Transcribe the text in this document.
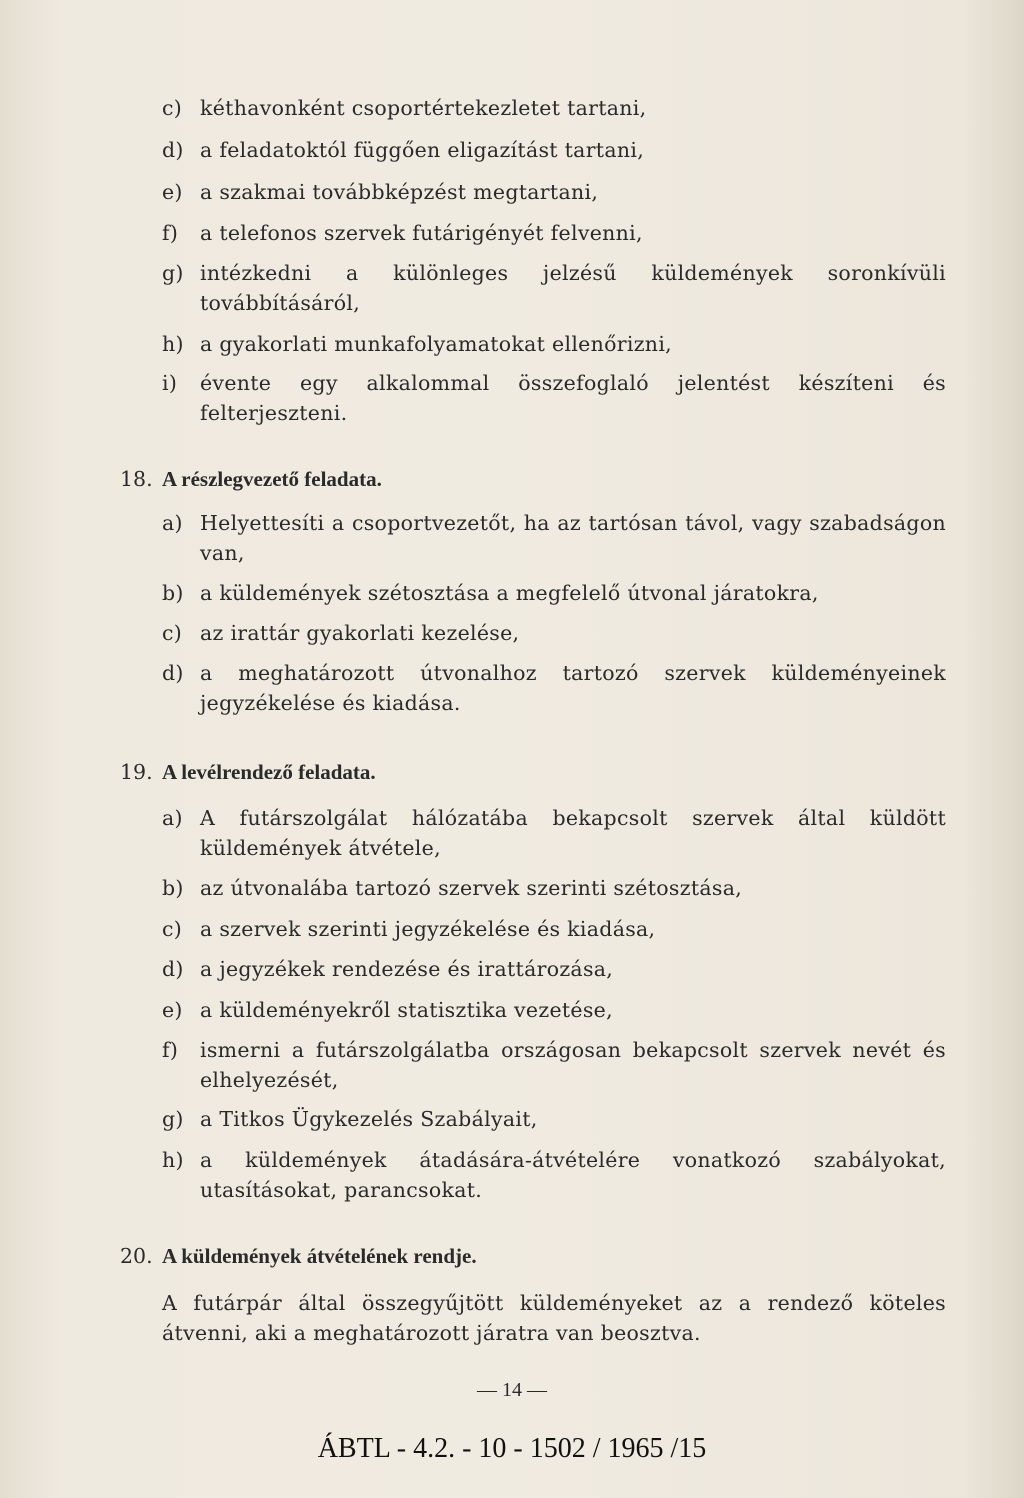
c) kéthavonként csoportértekezletet tartani,
d) a feladatoktól függően eligazítást tartani,
e) a szakmai továbbképzést megtartani,
f)	a telefonos szervek futárigényét felvenni,
g) intézkedni a különleges jelzésű küldemények soronkívüli továbbításáról,
h) a gyakorlati munkafolyamatokat ellenőrizni,
i)	évente egy alkalommal összefoglaló jelentést készíteni és felterjeszteni.
18. A részlegvezető feladata.
a) Helyettesíti a csoportvezetőt, ha az tartósan távol, vagy szabadságon van,
b) a küldemények szétosztása a megfelelő útvonal járatokra,
c) az irattár gyakorlati kezelése,
d) a meghatározott útvonalhoz tartozó szervek küldeményeinek jegyzékelése és kiadása.
19. A levélrendező feladata.
a) A futárszolgálat hálózatába bekapcsolt szervek által küldött küldemények átvétele,
b) az útvonalába tartozó szervek szerinti szétosztása,
c) a szervek szerinti jegyzékelése és kiadása,
d) a jegyzékek rendezése és irattározása,
e) a küldeményekről statisztika vezetése,
f)	ismerni a futárszolgálatba országosan bekapcsolt szervek nevét és elhelyezését,
g) a Titkos Ügykezelés Szabályait,
h) a küldemények átadására-átvételére vonatkozó szabályokat, utasításokat, parancsokat.
20. A küldemények átvételének rendje.
A futárpár által összegyűjtött küldeményeket az a rendező köteles átvenni, aki a meghatározott járatra van beosztva.
— 14 —
ÁBTL - 4.2. - 10 - 1502 / 1965 /15
